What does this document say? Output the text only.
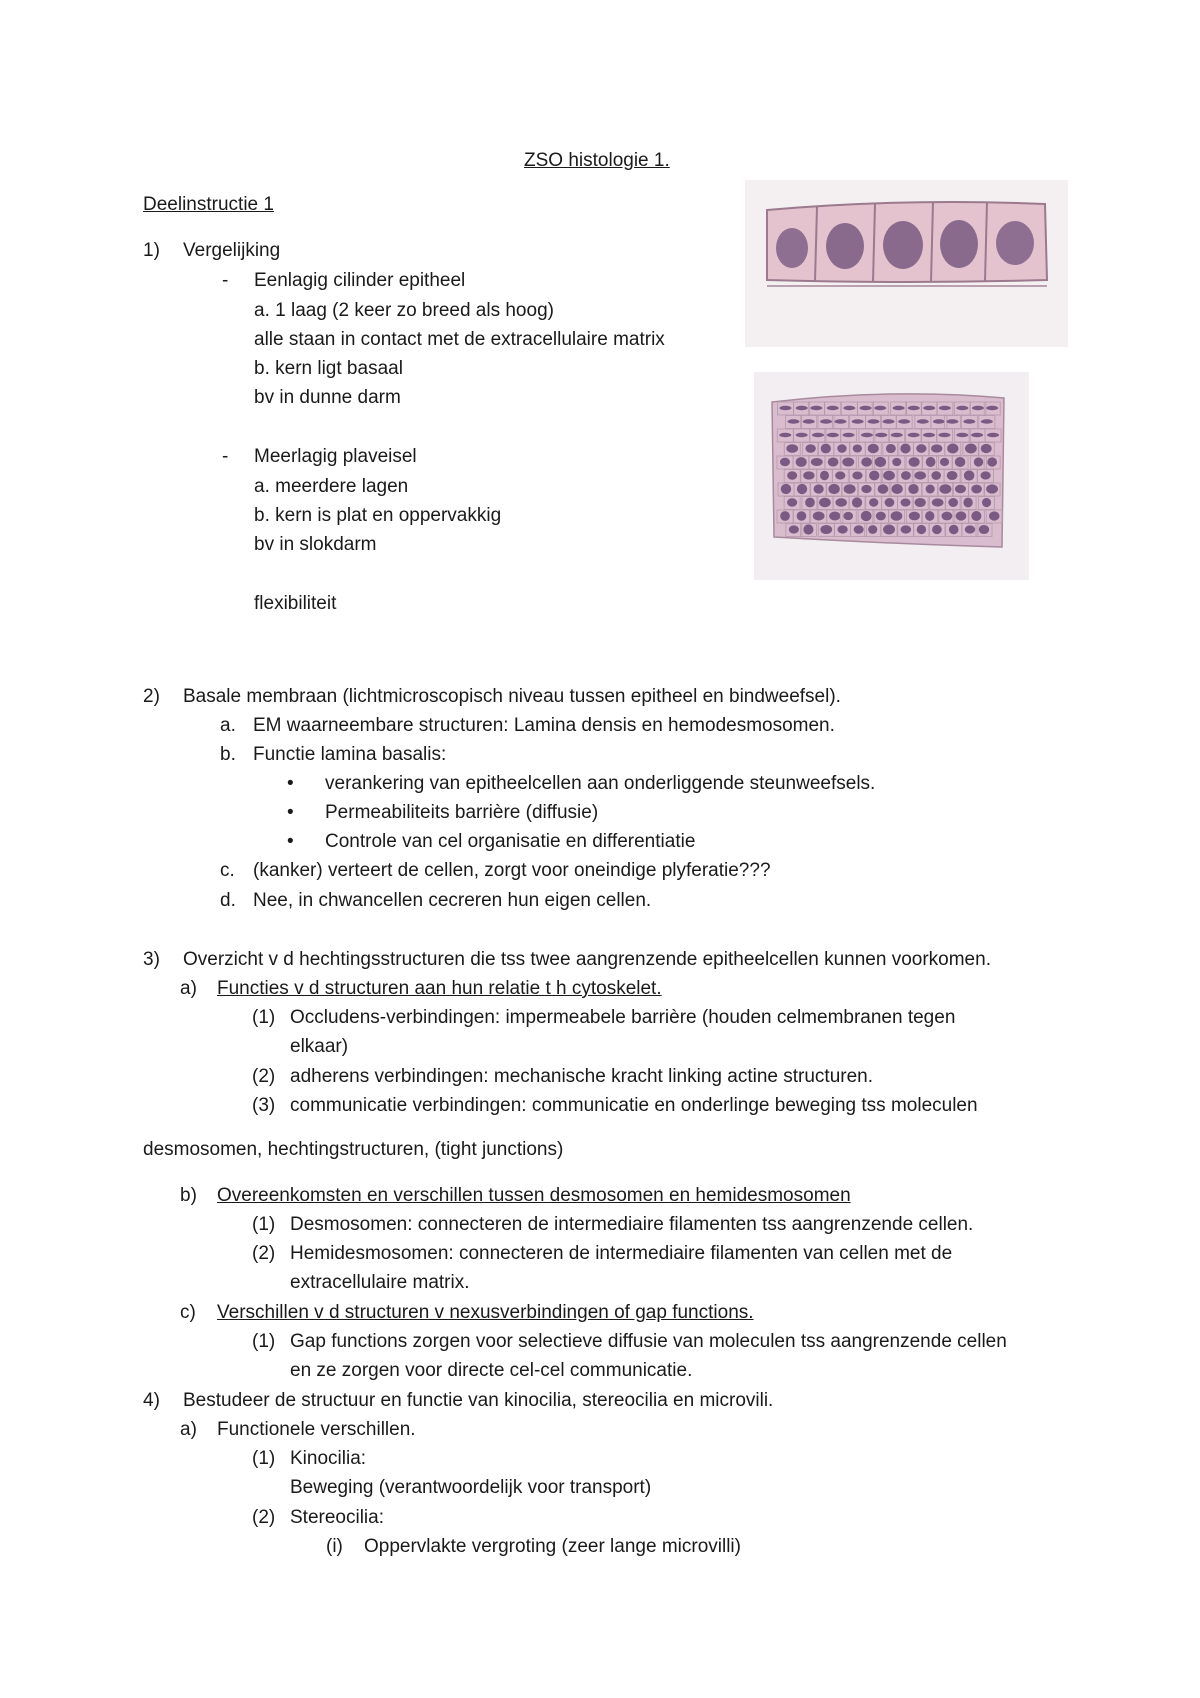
ZSO histologie 1.
Deelinstructie 1
1) Vergelijking
- Eenlagig cilinder epitheel
a. 1 laag (2 keer zo breed als hoog)
alle staan in contact met de extracellulaire matrix
b. kern ligt basaal
bv in dunne darm
- Meerlagig plaveisel
a. meerdere lagen
b. kern is plat en oppervakkig
bv in slokdarm
flexibiliteit
2) Basale membraan (lichtmicroscopisch niveau tussen epitheel en bindweefsel).
a. EM waarneembare structuren: Lamina densis en hemodesmosomen.
b. Functie lamina basalis:
• verankering van epitheelcellen aan onderliggende steunweefsels.
• Permeabiliteits barrière (diffusie)
• Controle van cel organisatie en differentiatie
c. (kanker) verteert de cellen, zorgt voor oneindige plyferatie???
d. Nee, in chwancellen cecreren hun eigen cellen.
3) Overzicht v d hechtingsstructuren die tss twee aangrenzende epitheelcellen kunnen voorkomen.
a) Functies v d structuren aan hun relatie t h cytoskelet.
(1) Occludens-verbindingen: impermeabele barrière (houden celmembranen tegen
elkaar)
(2) adherens verbindingen: mechanische kracht linking actine structuren.
(3) communicatie verbindingen: communicatie en onderlinge beweging tss moleculen
desmosomen, hechtingstructuren, (tight junctions)
b) Overeenkomsten en verschillen tussen desmosomen en hemidesmosomen
(1) Desmosomen: connecteren de intermediaire filamenten tss aangrenzende cellen.
(2) Hemidesmosomen: connecteren de intermediaire filamenten van cellen met de
extracellulaire matrix.
c) Verschillen v d structuren v nexusverbindingen of gap functions.
(1) Gap functions zorgen voor selectieve diffusie van moleculen tss aangrenzende cellen
en ze zorgen voor directe cel-cel communicatie.
4) Bestudeer de structuur en functie van kinocilia, stereocilia en microvili.
a) Functionele verschillen.
(1) Kinocilia:
Beweging (verantwoordelijk voor transport)
(2) Stereocilia:
(i) Oppervlakte vergroting (zeer lange microvilli)
